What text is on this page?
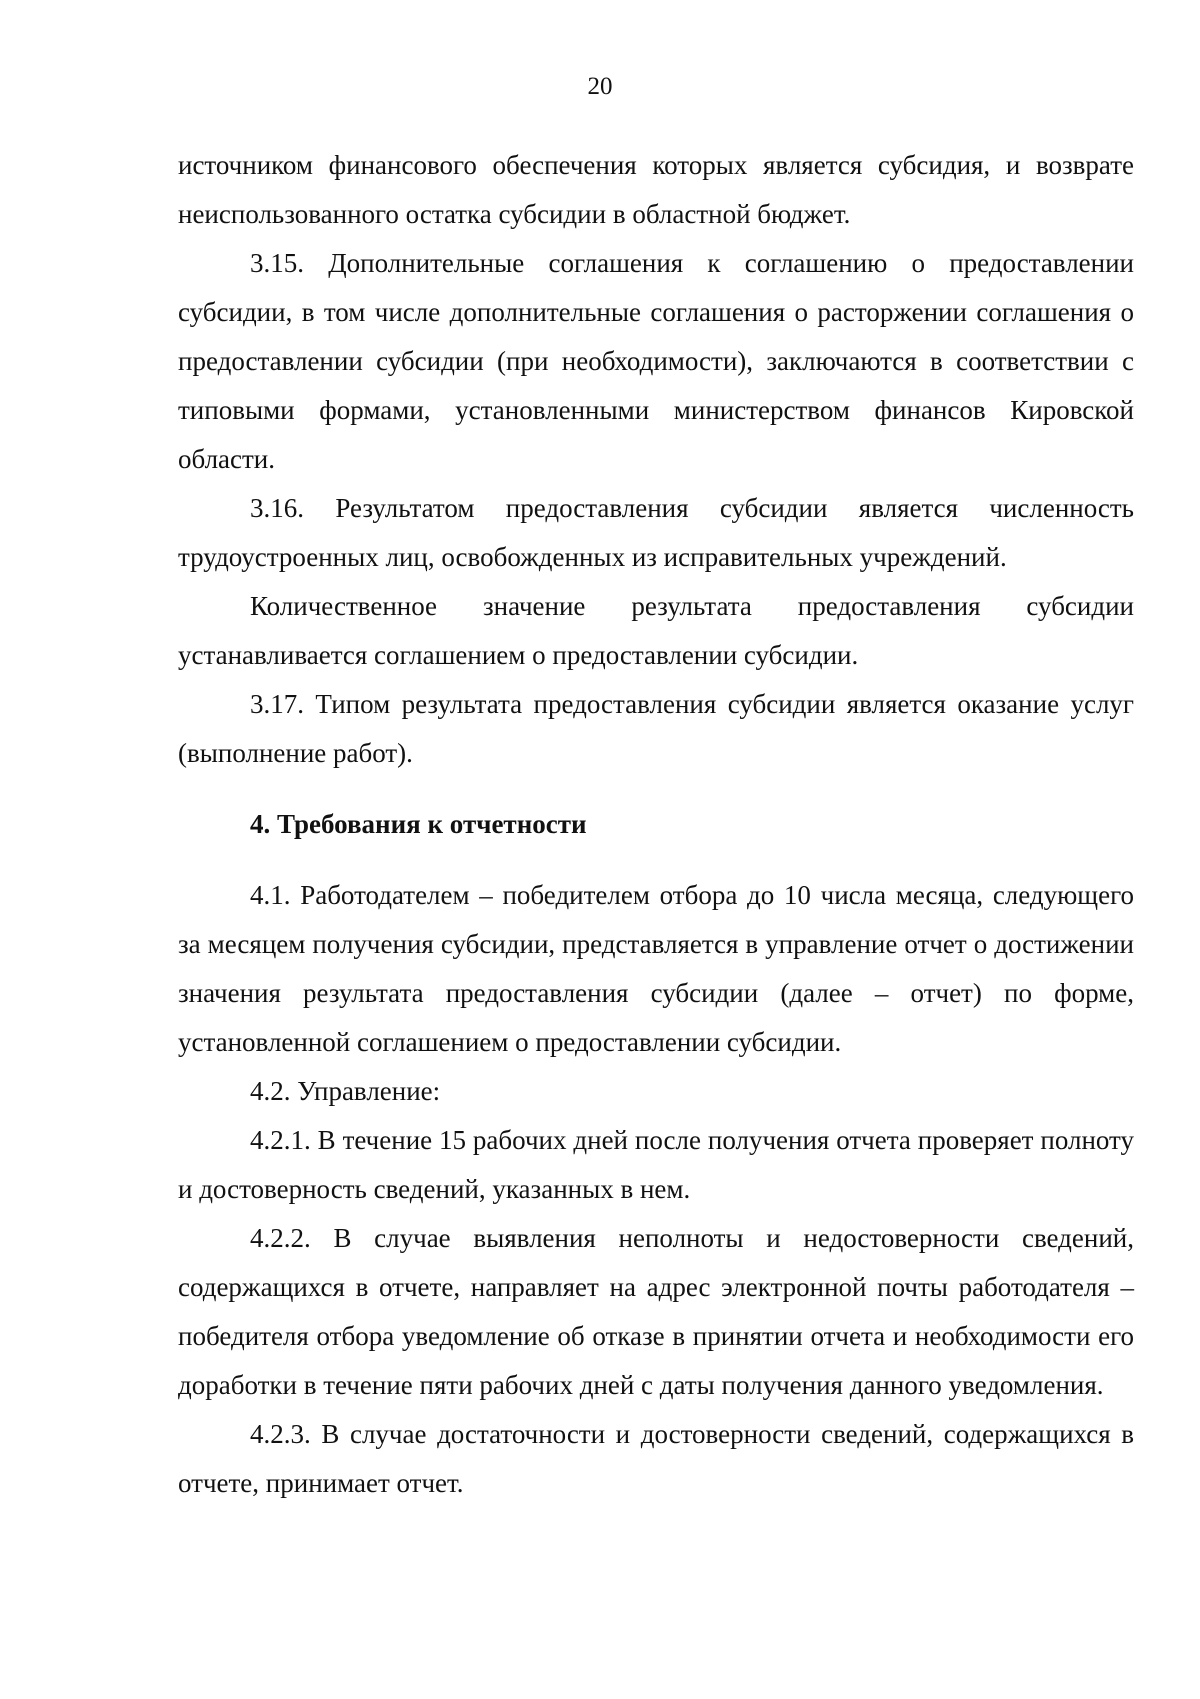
20

источником финансового обеспечения которых является субсидия, и возврате неиспользованного остатка субсидии в областной бюджет.

3.15. Дополнительные соглашения к соглашению о предоставлении субсидии, в том числе дополнительные соглашения о расторжении соглашения о предоставлении субсидии (при необходимости), заключаются в соответствии с типовыми формами, установленными министерством финансов Кировской области.

3.16. Результатом предоставления субсидии является численность трудоустроенных лиц, освобожденных из исправительных учреждений.

Количественное значение результата предоставления субсидии устанавливается соглашением о предоставлении субсидии.

3.17. Типом результата предоставления субсидии является оказание услуг (выполнение работ).

4. Требования к отчетности

4.1. Работодателем – победителем отбора до 10 числа месяца, следующего за месяцем получения субсидии, представляется в управление отчет о достижении значения результата предоставления субсидии (далее – отчет) по форме, установленной соглашением о предоставлении субсидии.

4.2. Управление:

4.2.1. В течение 15 рабочих дней после получения отчета проверяет полноту и достоверность сведений, указанных в нем.

4.2.2. В случае выявления неполноты и недостоверности сведений, содержащихся в отчете, направляет на адрес электронной почты работодателя – победителя отбора уведомление об отказе в принятии отчета и необходимости его доработки в течение пяти рабочих дней с даты получения данного уведомления.

4.2.3. В случае достаточности и достоверности сведений, содержащихся в отчете, принимает отчет.
